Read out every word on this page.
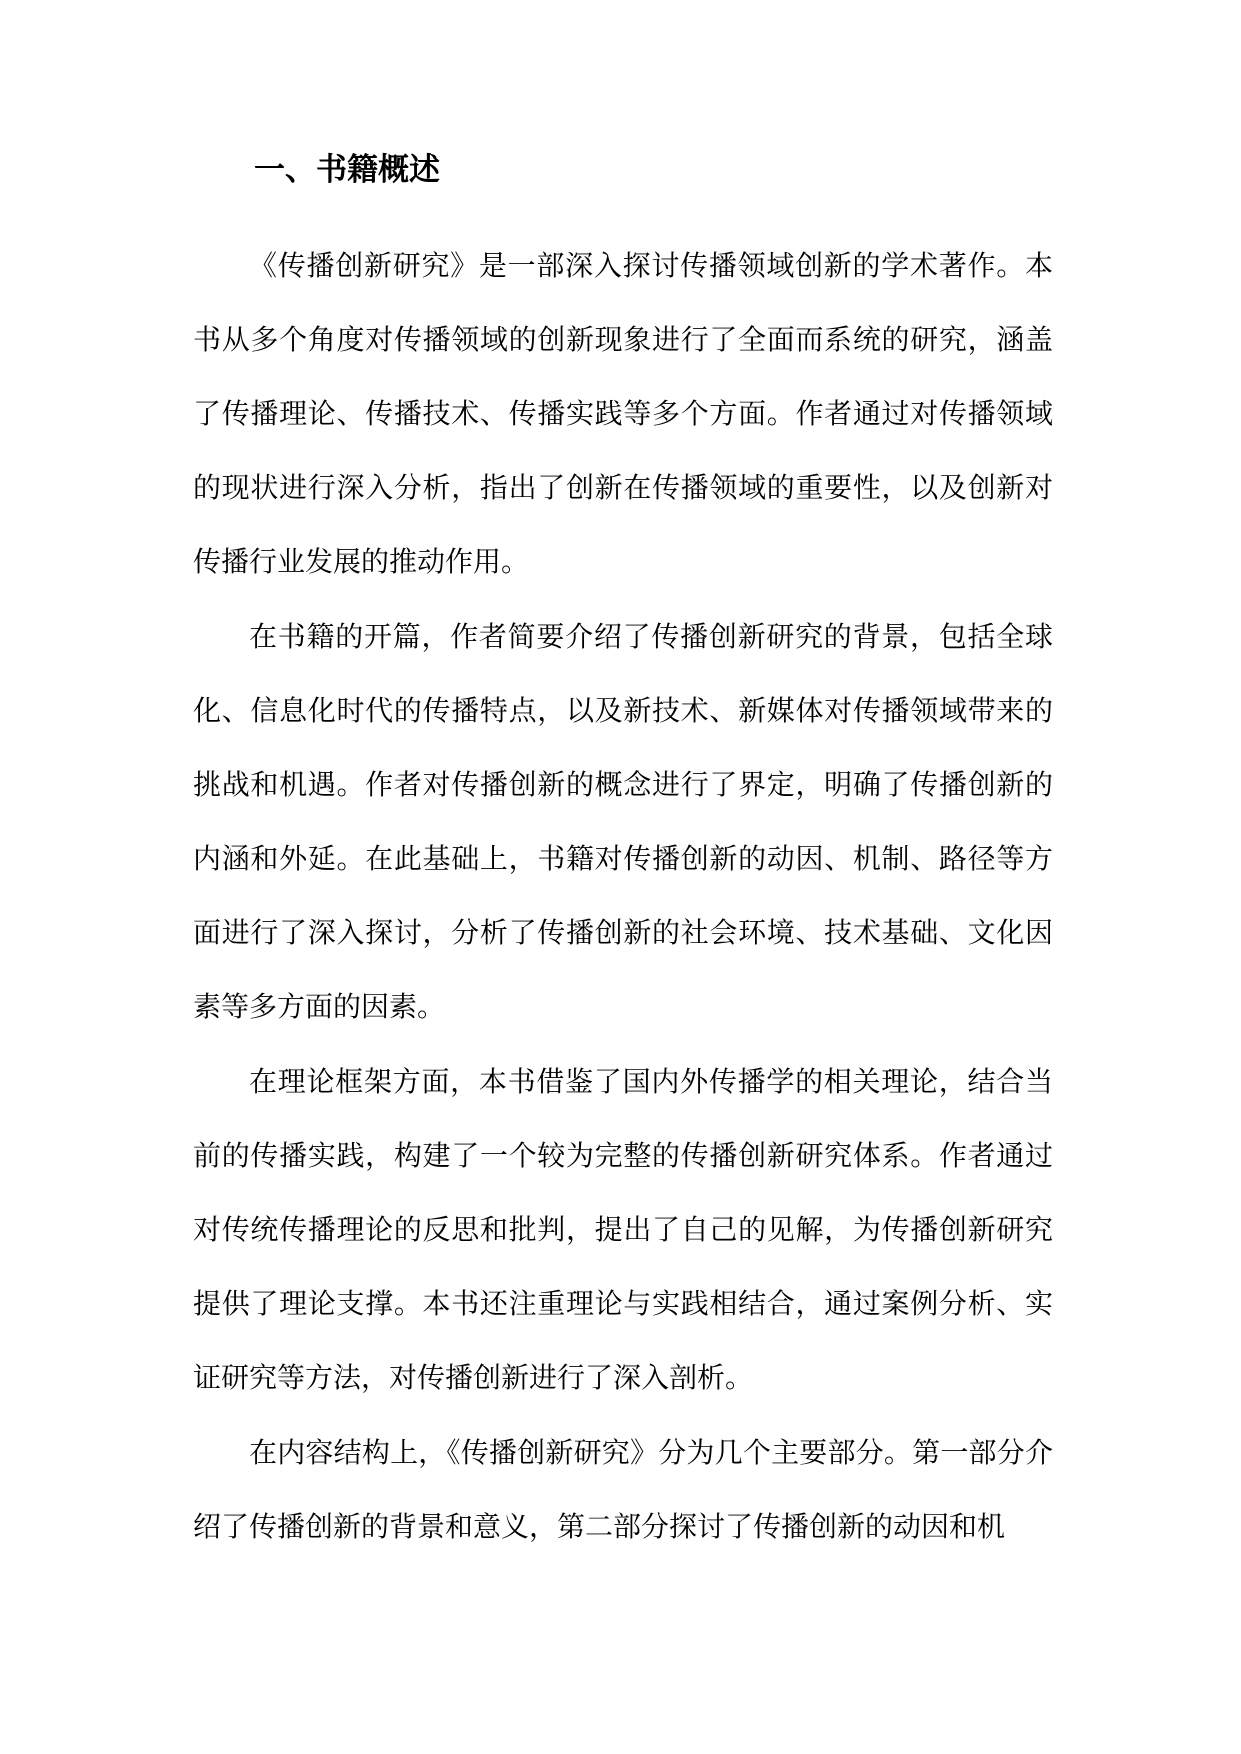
一、书籍概述

《传播创新研究》是一部深入探讨传播领域创新的学术著作。本书从多个角度对传播领域的创新现象进行了全面而系统的研究，涵盖了传播理论、传播技术、传播实践等多个方面。作者通过对传播领域的现状进行深入分析，指出了创新在传播领域的重要性，以及创新对传播行业发展的推动作用。

在书籍的开篇，作者简要介绍了传播创新研究的背景，包括全球化、信息化时代的传播特点，以及新技术、新媒体对传播领域带来的挑战和机遇。作者对传播创新的概念进行了界定，明确了传播创新的内涵和外延。在此基础上，书籍对传播创新的动因、机制、路径等方面进行了深入探讨，分析了传播创新的社会环境、技术基础、文化因素等多方面的因素。

在理论框架方面，本书借鉴了国内外传播学的相关理论，结合当前的传播实践，构建了一个较为完整的传播创新研究体系。作者通过对传统传播理论的反思和批判，提出了自己的见解，为传播创新研究提供了理论支撑。本书还注重理论与实践相结合，通过案例分析、实证研究等方法，对传播创新进行了深入剖析。

在内容结构上，《传播创新研究》分为几个主要部分。第一部分介绍了传播创新的背景和意义，第二部分探讨了传播创新的动因和机
